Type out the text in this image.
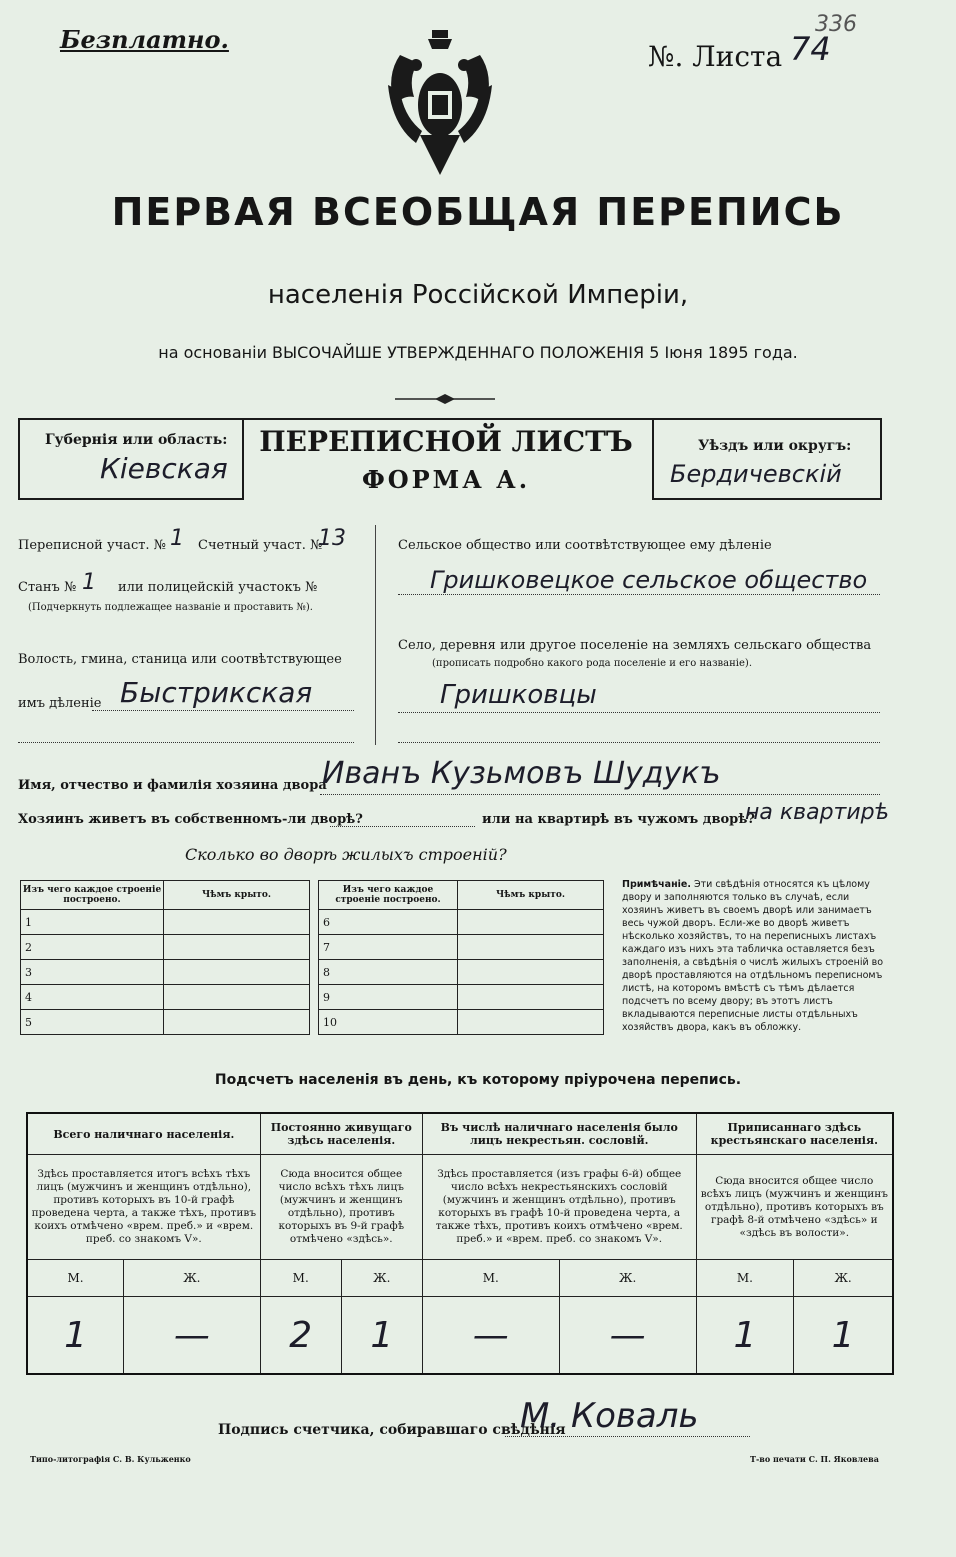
Безплатно.
336
№. Листа 74
ПЕРВАЯ ВСЕОБЩАЯ ПЕРЕПИСЬ
населенія Россійской Имперіи,
на основаніи ВЫСОЧАЙШЕ УТВЕРЖДЕННАГО ПОЛОЖЕНІЯ 5 Іюня 1895 года.
Губернія или область:
Кіевская
ПЕРЕПИСНОЙ ЛИСТЪ
ФОРМА А.
Уѣздъ или округъ:
Бердичевскій
Переписной участ. № 1 Счетный участ. №
13
Станъ № 1 или полицейскій участокъ №
(Подчеркнуть подлежащее названіе и проставить №).
Волость, гмина, станица или соотвѣтствующее
имъ дѣленіе Быстрикская
Сельское общество или соотвѣтствующее ему дѣленіе
Гришковецкое сельское общество
Село, деревня или другое поселеніе на земляхъ сельскаго общества
(прописать подробно какого рода поселеніе и его названіе).
Гришковцы
Имя, отчество и фамилія хозяина двора
Иванъ Кузьмовъ Шудукъ
Хозяинъ живетъ въ собственномъ-ли дворѣ?	или на квартирѣ въ чужомъ дворѣ?
на квартирѣ
Сколько во дворѣ жилыхъ строеній?
Изъ чего каждое строеніе построено.	Чѣмъ крыто.
1	
2	
3	
4	
5	
Изъ чего каждое строеніе построено.	Чѣмъ крыто.
6	
7	
8	
9	
10	
Примѣчаніе. Эти свѣдѣнія относятся къ цѣлому двору и заполняются только въ случаѣ, если хозяинъ живетъ въ своемъ дворѣ или занимаетъ весь чужой дворъ. Если-же во дворѣ живетъ нѣсколько хозяйствъ, то на переписныхъ листахъ каждаго изъ нихъ эта табличка оставляется безъ заполненія, а свѣдѣнія о числѣ жилыхъ строеній во дворѣ проставляются на отдѣльномъ переписномъ листѣ, на которомъ вмѣстѣ съ тѣмъ дѣлается подсчетъ по всему двору; въ этотъ листъ вкладываются переписные листы отдѣльныхъ хозяйствъ двора, какъ въ обложку.
Подсчетъ населенія въ день, къ которому пріурочена перепись.
Всего наличнаго населенія.		Постоянно живущаго здѣсь населенія.		Въ числѣ наличнаго населенія было лицъ некрестьян. сословій.		Приписаннаго здѣсь крестьянскаго населенія.	
Здѣсь проставляется итогъ всѣхъ тѣхъ лицъ (мужчинъ и женщинъ отдѣльно), противъ которыхъ въ 10-й графѣ проведена черта, а также тѣхъ, противъ коихъ отмѣчено «врем. преб.» и «врем. преб. со знакомъ V».		Сюда вносится общее число всѣхъ тѣхъ лицъ (мужчинъ и женщинъ отдѣльно), противъ которыхъ въ 9-й графѣ отмѣчено «здѣсь».		Здѣсь проставляется (изъ графы 6-й) общее число всѣхъ некрестьянскихъ сословій (мужчинъ и женщинъ отдѣльно), противъ которыхъ въ графѣ 10-й проведена черта, а также тѣхъ, противъ коихъ отмѣчено «врем. преб.» и «врем. преб. со знакомъ V».		Сюда вносится общее число всѣхъ лицъ (мужчинъ и женщинъ отдѣльно), противъ которыхъ въ графѣ 8-й отмѣчено «здѣсь» и «здѣсь въ волости».	
М.	Ж.	М.	Ж.	М.	Ж.	М.	Ж.
1	—	2	1	—	—	1	1
Подпись счетчика, собиравшаго свѣдѣнія
М. Коваль
Типо-литографія С. В. Кульженко	Т-во печати С. П. Яковлева
